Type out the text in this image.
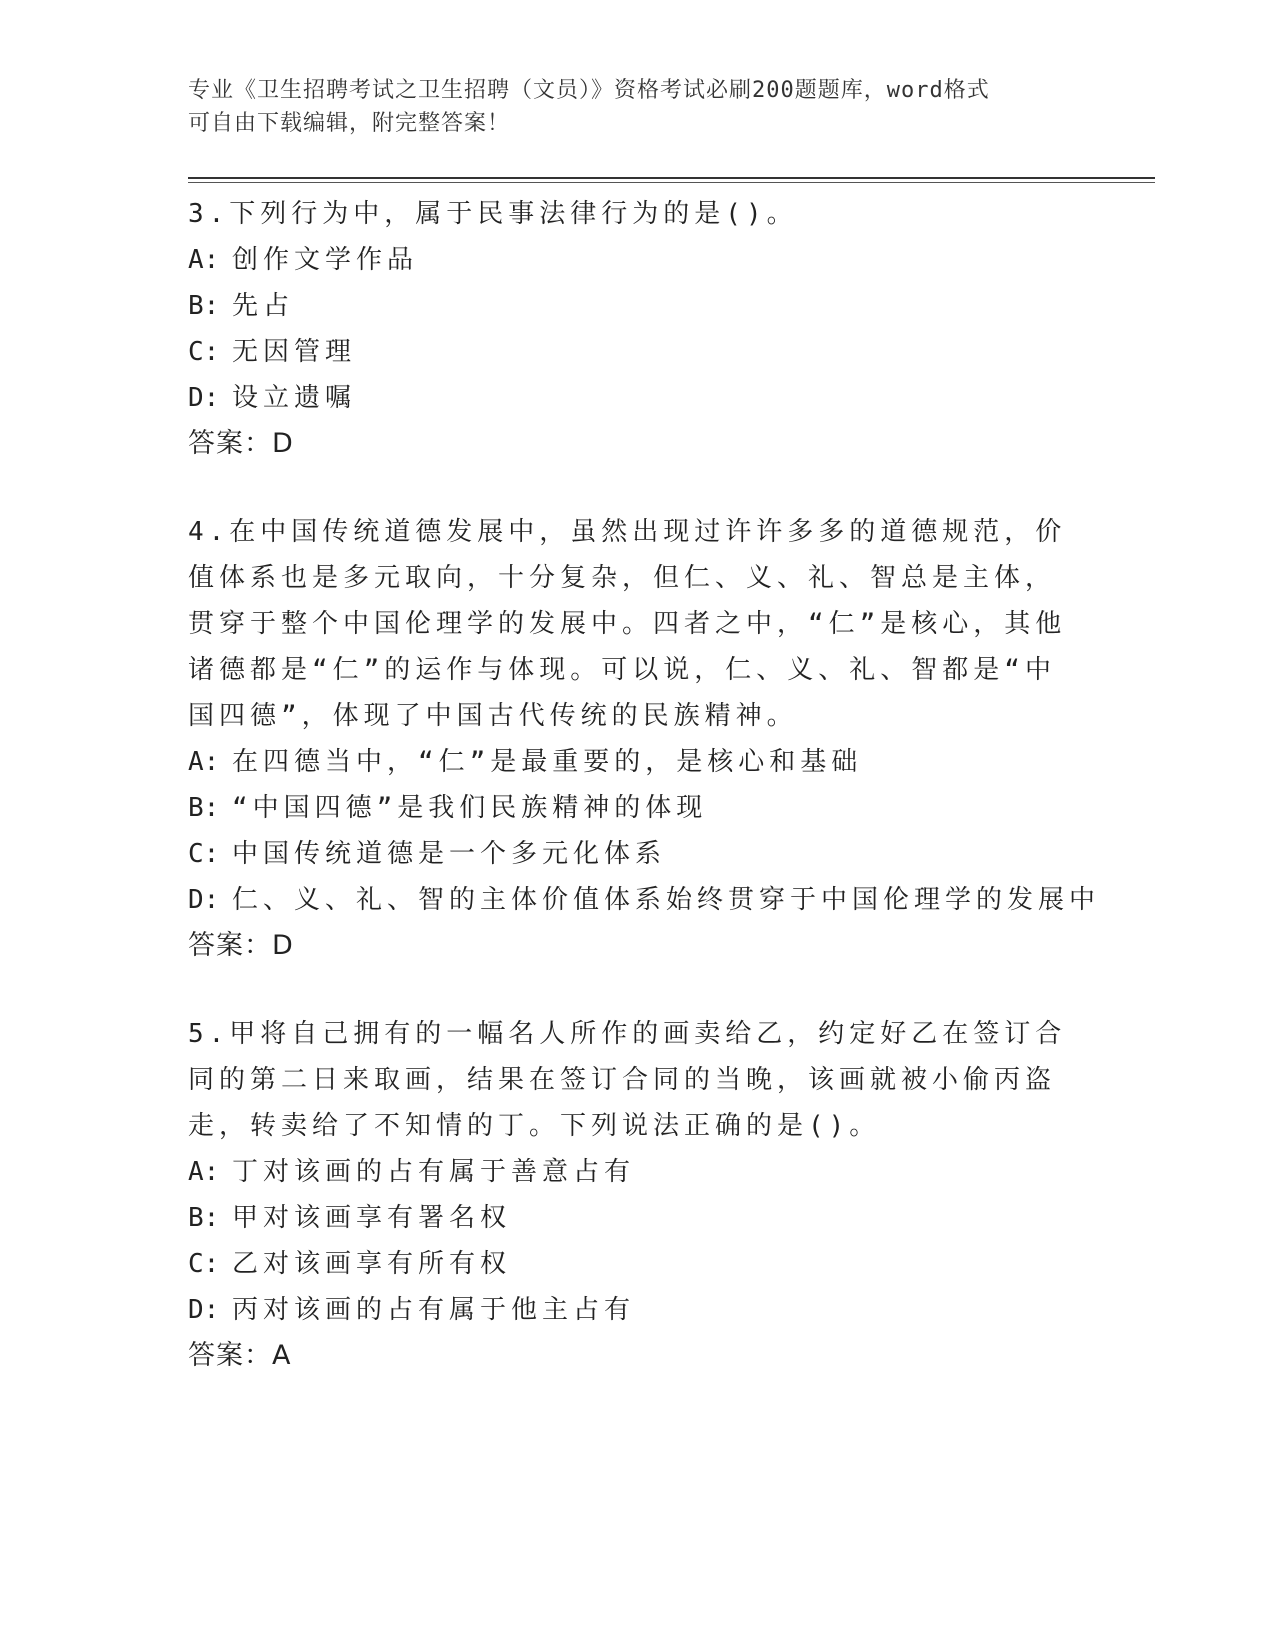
专业《卫生招聘考试之卫生招聘（文员）》资格考试必刷200题题库，word格式
可自由下载编辑，附完整答案！

3.下列行为中，属于民事法律行为的是()。

A: 创作文学作品
B: 先占
C: 无因管理
D: 设立遗嘱

答案：D

4.在中国传统道德发展中，虽然出现过许许多多的道德规范，价值体系也是多元取向，十分复杂，但仁、义、礼、智总是主体，贯穿于整个中国伦理学的发展中。四者之中，“仁”是核心，其他诸德都是“仁”的运作与体现。可以说，仁、义、礼、智都是“中国四德”，体现了中国古代传统的民族精神。

A: 在四德当中，“仁”是最重要的，是核心和基础
B: “中国四德”是我们民族精神的体现
C: 中国传统道德是一个多元化体系
D: 仁、义、礼、智的主体价值体系始终贯穿于中国伦理学的发展中

答案：D

5.甲将自己拥有的一幅名人所作的画卖给乙，约定好乙在签订合同的第二日来取画，结果在签订合同的当晚，该画就被小偷丙盗走，转卖给了不知情的丁。下列说法正确的是()。

A: 丁对该画的占有属于善意占有
B: 甲对该画享有署名权
C: 乙对该画享有所有权
D: 丙对该画的占有属于他主占有

答案：A
